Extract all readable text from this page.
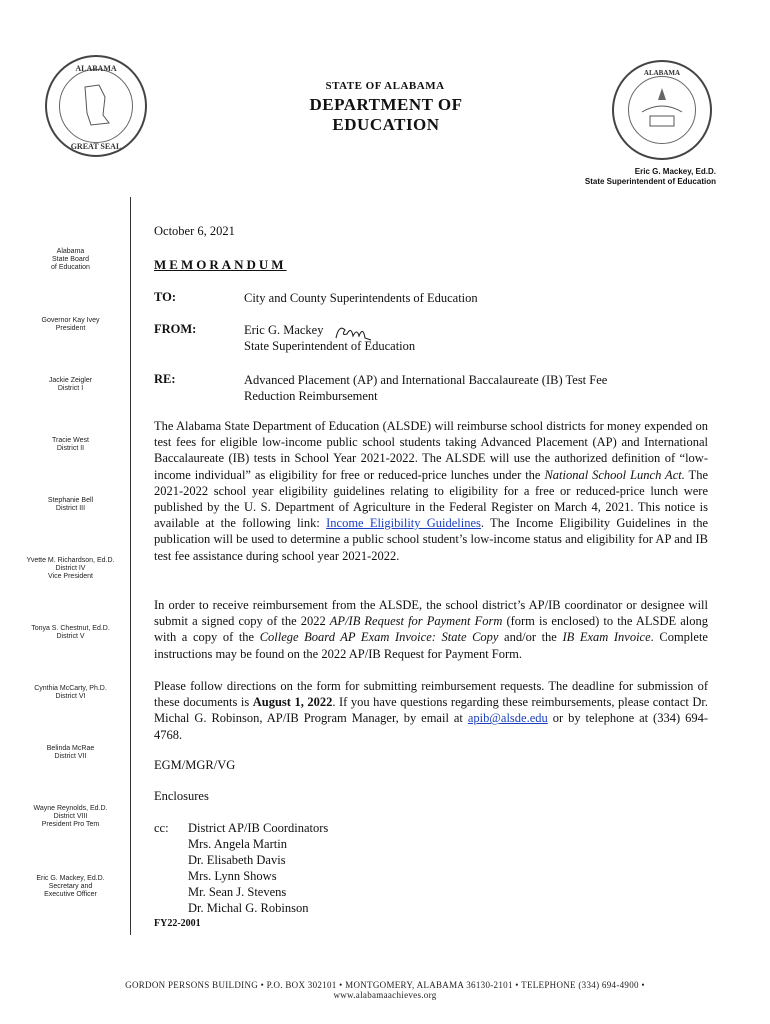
ALABAMA
GREAT SEAL
STATE OF ALABAMA
DEPARTMENT OF EDUCATION
ALABAMA
Eric G. Mackey, Ed.D.
State Superintendent of Education
Alabama
State Board
of Education
Governor Kay Ivey
President
Jackie Zeigler
District I
Tracie West
District II
Stephanie Bell
District III
Yvette M. Richardson, Ed.D.
District IV
Vice President
Tonya S. Chestnut, Ed.D.
District V
Cynthia McCarty, Ph.D.
District VI
Belinda McRae
District VII
Wayne Reynolds, Ed.D.
District VIII
President Pro Tem
Eric G. Mackey, Ed.D.
Secretary and
Executive Officer
October 6, 2021
MEMORANDUM
TO:	City and County Superintendents of Education
FROM:	Eric G. Mackey
State Superintendent of Education
RE:	Advanced Placement (AP) and International Baccalaureate (IB) Test Fee
Reduction Reimbursement
The Alabama State Department of Education (ALSDE) will reimburse school districts for money expended on test fees for eligible low-income public school students taking Advanced Placement (AP) and International Baccalaureate (IB) tests in School Year 2021-2022. The ALSDE will use the authorized definition of “low-income individual” as eligibility for free or reduced-price lunches under the National School Lunch Act. The 2021-2022 school year eligibility guidelines relating to eligibility for a free or reduced-price lunch were published by the U. S. Department of Agriculture in the Federal Register on March 4, 2021. This notice is available at the following link: Income Eligibility Guidelines. The Income Eligibility Guidelines in the publication will be used to determine a public school student’s low-income status and eligibility for AP and IB test fee assistance during school year 2021-2022.
In order to receive reimbursement from the ALSDE, the school district’s AP/IB coordinator or designee will submit a signed copy of the 2022 AP/IB Request for Payment Form (form is enclosed) to the ALSDE along with a copy of the College Board AP Exam Invoice: State Copy and/or the IB Exam Invoice. Complete instructions may be found on the 2022 AP/IB Request for Payment Form.
Please follow directions on the form for submitting reimbursement requests. The deadline for submission of these documents is August 1, 2022. If you have questions regarding these reimbursements, please contact Dr. Michal G. Robinson, AP/IB Program Manager, by email at apib@alsde.edu or by telephone at (334) 694-4768.
EGM/MGR/VG
Enclosures
cc: District AP/IB Coordinators
Mrs. Angela Martin
Dr. Elisabeth Davis
Mrs. Lynn Shows
Mr. Sean J. Stevens
Dr. Michal G. Robinson
FY22-2001
GORDON PERSONS BUILDING • P.O. BOX 302101 • MONTGOMERY, ALABAMA 36130-2101 • TELEPHONE (334) 694-4900 • www.alabamaachieves.org
